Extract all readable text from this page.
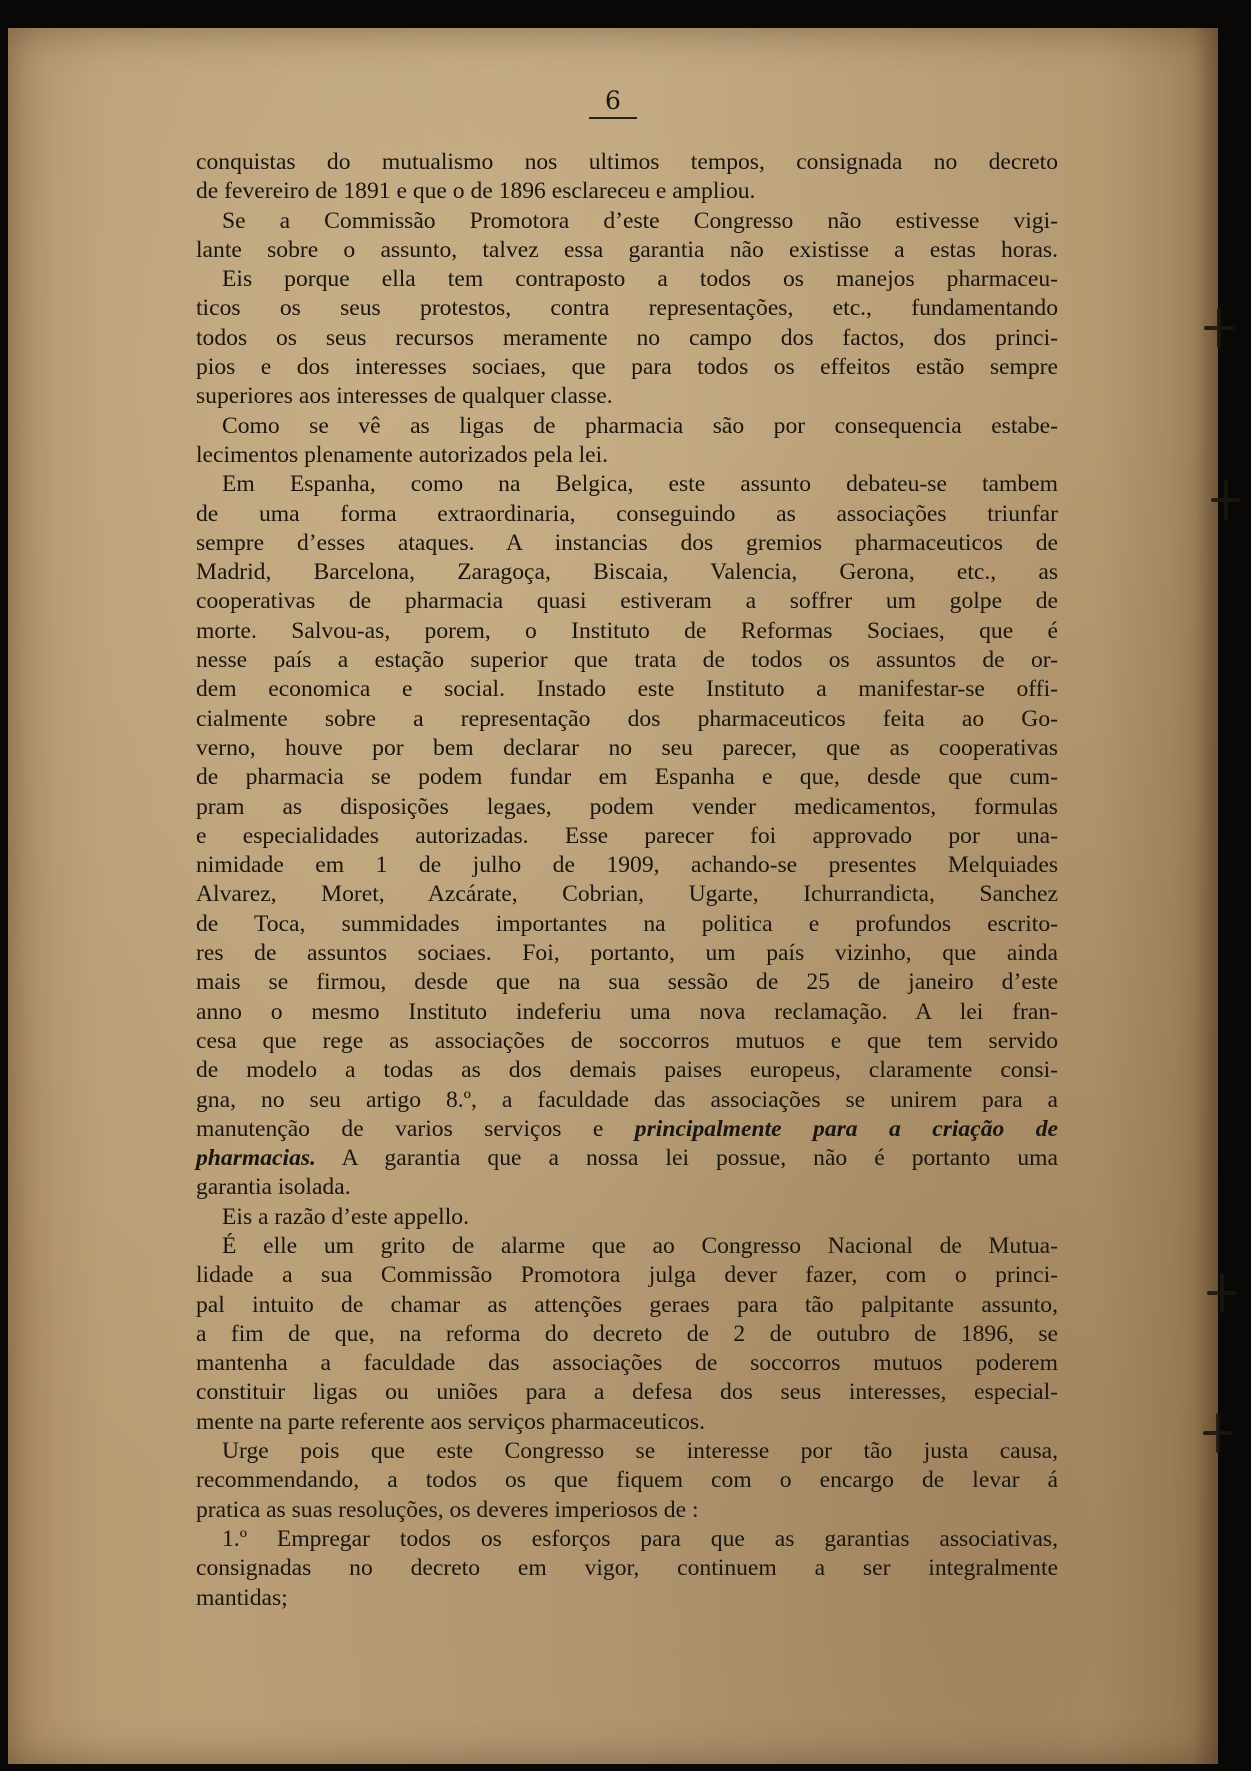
6
conquistas do mutualismo nos ultimos tempos, consignada no decreto
de fevereiro de 1891 e que o de 1896 esclareceu e ampliou.
Se a Commissão Promotora d’este Congresso não estivesse vigi-
lante sobre o assunto, talvez essa garantia não existisse a estas horas.
Eis porque ella tem contraposto a todos os manejos pharmaceu-
ticos os seus protestos, contra representações, etc., fundamentando
todos os seus recursos meramente no campo dos factos, dos princi-
pios e dos interesses sociaes, que para todos os effeitos estão sempre
superiores aos interesses de qualquer classe.
Como se vê as ligas de pharmacia são por consequencia estabe-
lecimentos plenamente autorizados pela lei.
Em Espanha, como na Belgica, este assunto debateu-se tambem
de uma forma extraordinaria, conseguindo as associações triunfar
sempre d’esses ataques. A instancias dos gremios pharmaceuticos de
Madrid, Barcelona, Zaragoça, Biscaia, Valencia, Gerona, etc., as
cooperativas de pharmacia quasi estiveram a soffrer um golpe de
morte. Salvou-as, porem, o Instituto de Reformas Sociaes, que é
nesse país a estação superior que trata de todos os assuntos de or-
dem economica e social. Instado este Instituto a manifestar-se offi-
cialmente sobre a representação dos pharmaceuticos feita ao Go-
verno, houve por bem declarar no seu parecer, que as cooperativas
de pharmacia se podem fundar em Espanha e que, desde que cum-
pram as disposições legaes, podem vender medicamentos, formulas
e especialidades autorizadas. Esse parecer foi approvado por una-
nimidade em 1 de julho de 1909, achando-se presentes Melquiades
Alvarez, Moret, Azcárate, Cobrian, Ugarte, Ichurrandicta, Sanchez
de Toca, summidades importantes na politica e profundos escrito-
res de assuntos sociaes. Foi, portanto, um país vizinho, que ainda
mais se firmou, desde que na sua sessão de 25 de janeiro d’este
anno o mesmo Instituto indeferiu uma nova reclamação. A lei fran-
cesa que rege as associações de soccorros mutuos e que tem servido
de modelo a todas as dos demais paises europeus, claramente consi-
gna, no seu artigo 8.º, a faculdade das associações se unirem para a
manutenção de varios serviços e principalmente para a criação de
pharmacias. A garantia que a nossa lei possue, não é portanto uma
garantia isolada.
Eis a razão d’este appello.
É elle um grito de alarme que ao Congresso Nacional de Mutua-
lidade a sua Commissão Promotora julga dever fazer, com o princi-
pal intuito de chamar as attenções geraes para tão palpitante assunto,
a fim de que, na reforma do decreto de 2 de outubro de 1896, se
mantenha a faculdade das associações de soccorros mutuos poderem
constituir ligas ou uniões para a defesa dos seus interesses, especial-
mente na parte referente aos serviços pharmaceuticos.
Urge pois que este Congresso se interesse por tão justa causa,
recommendando, a todos os que fiquem com o encargo de levar á
pratica as suas resoluções, os deveres imperiosos de :
1.º Empregar todos os esforços para que as garantias associativas,
consignadas no decreto em vigor, continuem a ser integralmente
mantidas;
